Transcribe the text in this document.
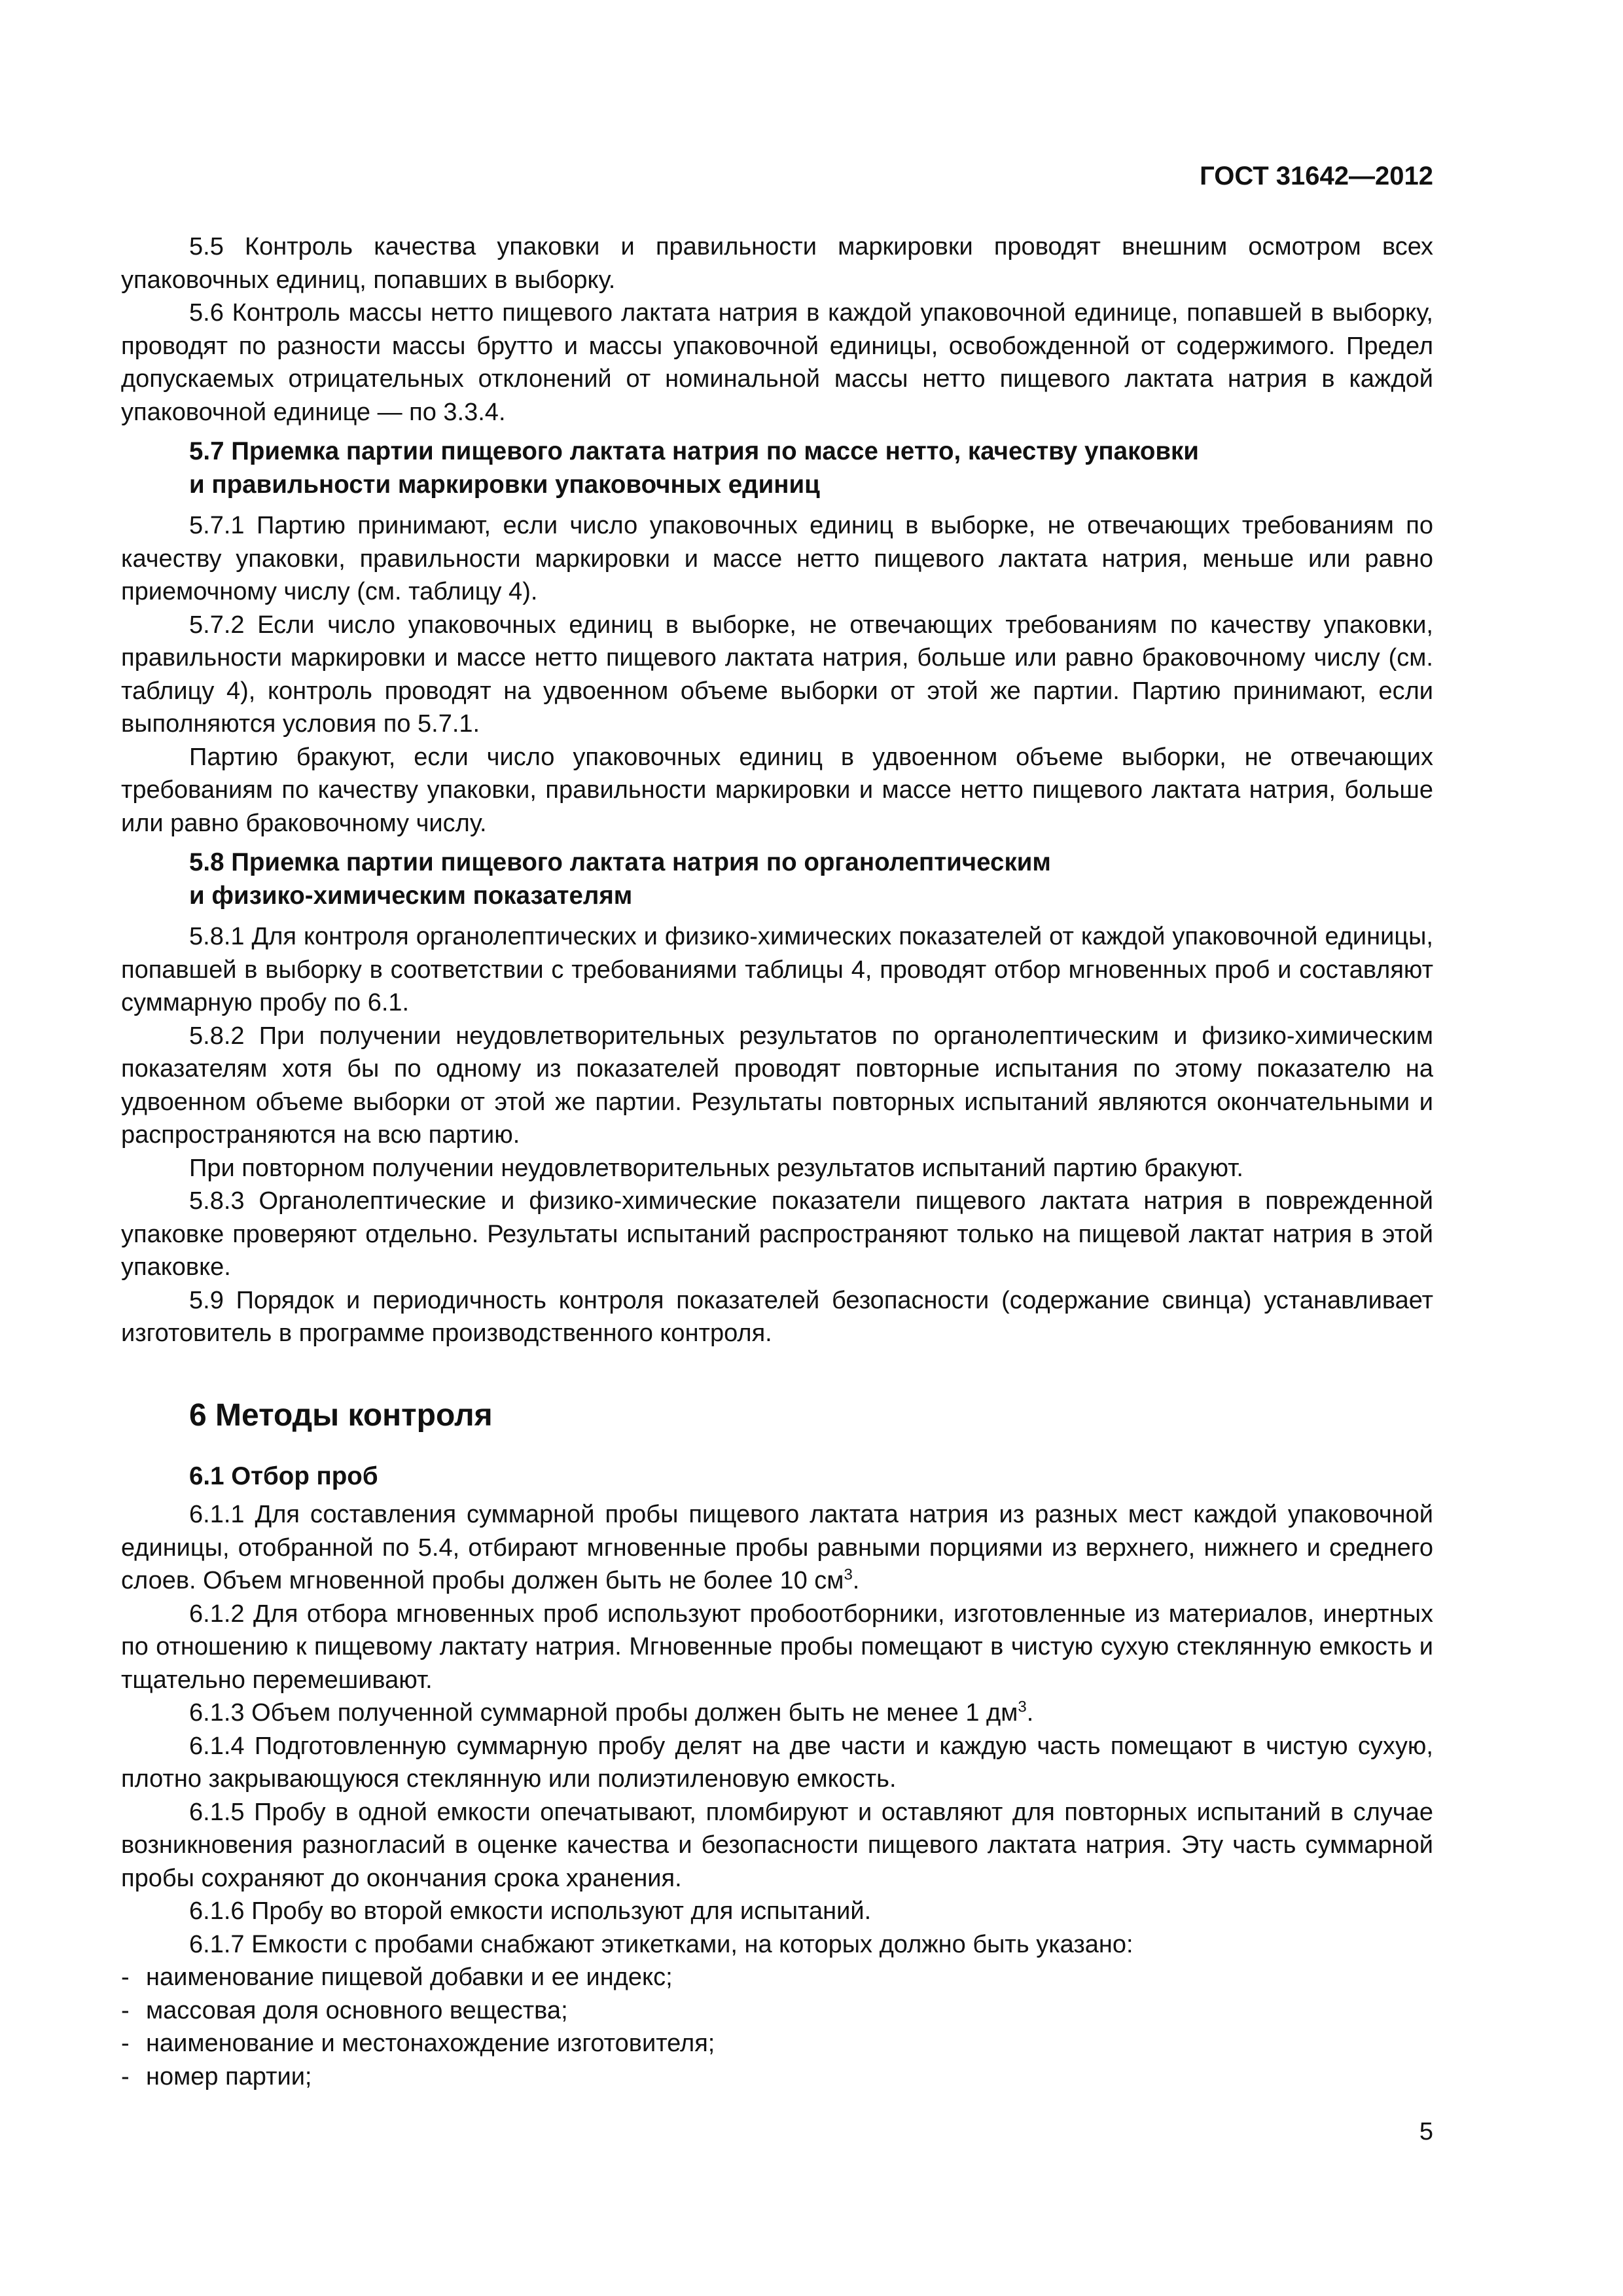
ГОСТ 31642—2012

5.5 Контроль качества упаковки и правильности маркировки проводят внешним осмотром всех упаковочных единиц, попавших в выборку.

5.6 Контроль массы нетто пищевого лактата натрия в каждой упаковочной единице, попавшей в выборку, проводят по разности массы брутто и массы упаковочной единицы, освобожденной от содержимого. Предел допускаемых отрицательных отклонений от номинальной массы нетто пищевого лактата натрия в каждой упаковочной единице — по 3.3.4.

5.7 Приемка партии пищевого лактата натрия по массе нетто, качеству упаковки
и правильности маркировки упаковочных единиц

5.7.1 Партию принимают, если число упаковочных единиц в выборке, не отвечающих требованиям по качеству упаковки, правильности маркировки и массе нетто пищевого лактата натрия, меньше или равно приемочному числу (см. таблицу 4).

5.7.2 Если число упаковочных единиц в выборке, не отвечающих требованиям по качеству упаковки, правильности маркировки и массе нетто пищевого лактата натрия, больше или равно браковочному числу (см. таблицу 4), контроль проводят на удвоенном объеме выборки от этой же партии. Партию принимают, если выполняются условия по 5.7.1.

Партию бракуют, если число упаковочных единиц в удвоенном объеме выборки, не отвечающих требованиям по качеству упаковки, правильности маркировки и массе нетто пищевого лактата натрия, больше или равно браковочному числу.

5.8 Приемка партии пищевого лактата натрия по органолептическим
и физико-химическим показателям

5.8.1 Для контроля органолептических и физико-химических показателей от каждой упаковочной единицы, попавшей в выборку в соответствии с требованиями таблицы 4, проводят отбор мгновенных проб и составляют суммарную пробу по 6.1.

5.8.2 При получении неудовлетворительных результатов по органолептическим и физико-химическим показателям хотя бы по одному из показателей проводят повторные испытания по этому показателю на удвоенном объеме выборки от этой же партии. Результаты повторных испытаний являются окончательными и распространяются на всю партию.

При повторном получении неудовлетворительных результатов испытаний партию бракуют.

5.8.3 Органолептические и физико-химические показатели пищевого лактата натрия в поврежденной упаковке проверяют отдельно. Результаты испытаний распространяют только на пищевой лактат натрия в этой упаковке.

5.9 Порядок и периодичность контроля показателей безопасности (содержание свинца) устанавливает изготовитель в программе производственного контроля.

6 Методы контроля
6.1 Отбор проб

6.1.1 Для составления суммарной пробы пищевого лактата натрия из разных мест каждой упаковочной единицы, отобранной по 5.4, отбирают мгновенные пробы равными порциями из верхнего, нижнего и среднего слоев. Объем мгновенной пробы должен быть не более 10 $см^3$.

6.1.2 Для отбора мгновенных проб используют пробоотборники, изготовленные из материалов, инертных по отношению к пищевому лактату натрия. Мгновенные пробы помещают в чистую сухую стеклянную емкость и тщательно перемешивают.

6.1.3 Объем полученной суммарной пробы должен быть не менее 1 $дм^3$.

6.1.4 Подготовленную суммарную пробу делят на две части и каждую часть помещают в чистую сухую, плотно закрывающуюся стеклянную или полиэтиленовую емкость.

6.1.5 Пробу в одной емкости опечатывают, пломбируют и оставляют для повторных испытаний в случае возникновения разногласий в оценке качества и безопасности пищевого лактата натрия. Эту часть суммарной пробы сохраняют до окончания срока хранения.

6.1.6 Пробу во второй емкости используют для испытаний.

6.1.7 Емкости с пробами снабжают этикетками, на которых должно быть указано:

- наименование пищевой добавки и ее индекс;
- массовая доля основного вещества;
- наименование и местонахождение изготовителя;
- номер партии;
5
